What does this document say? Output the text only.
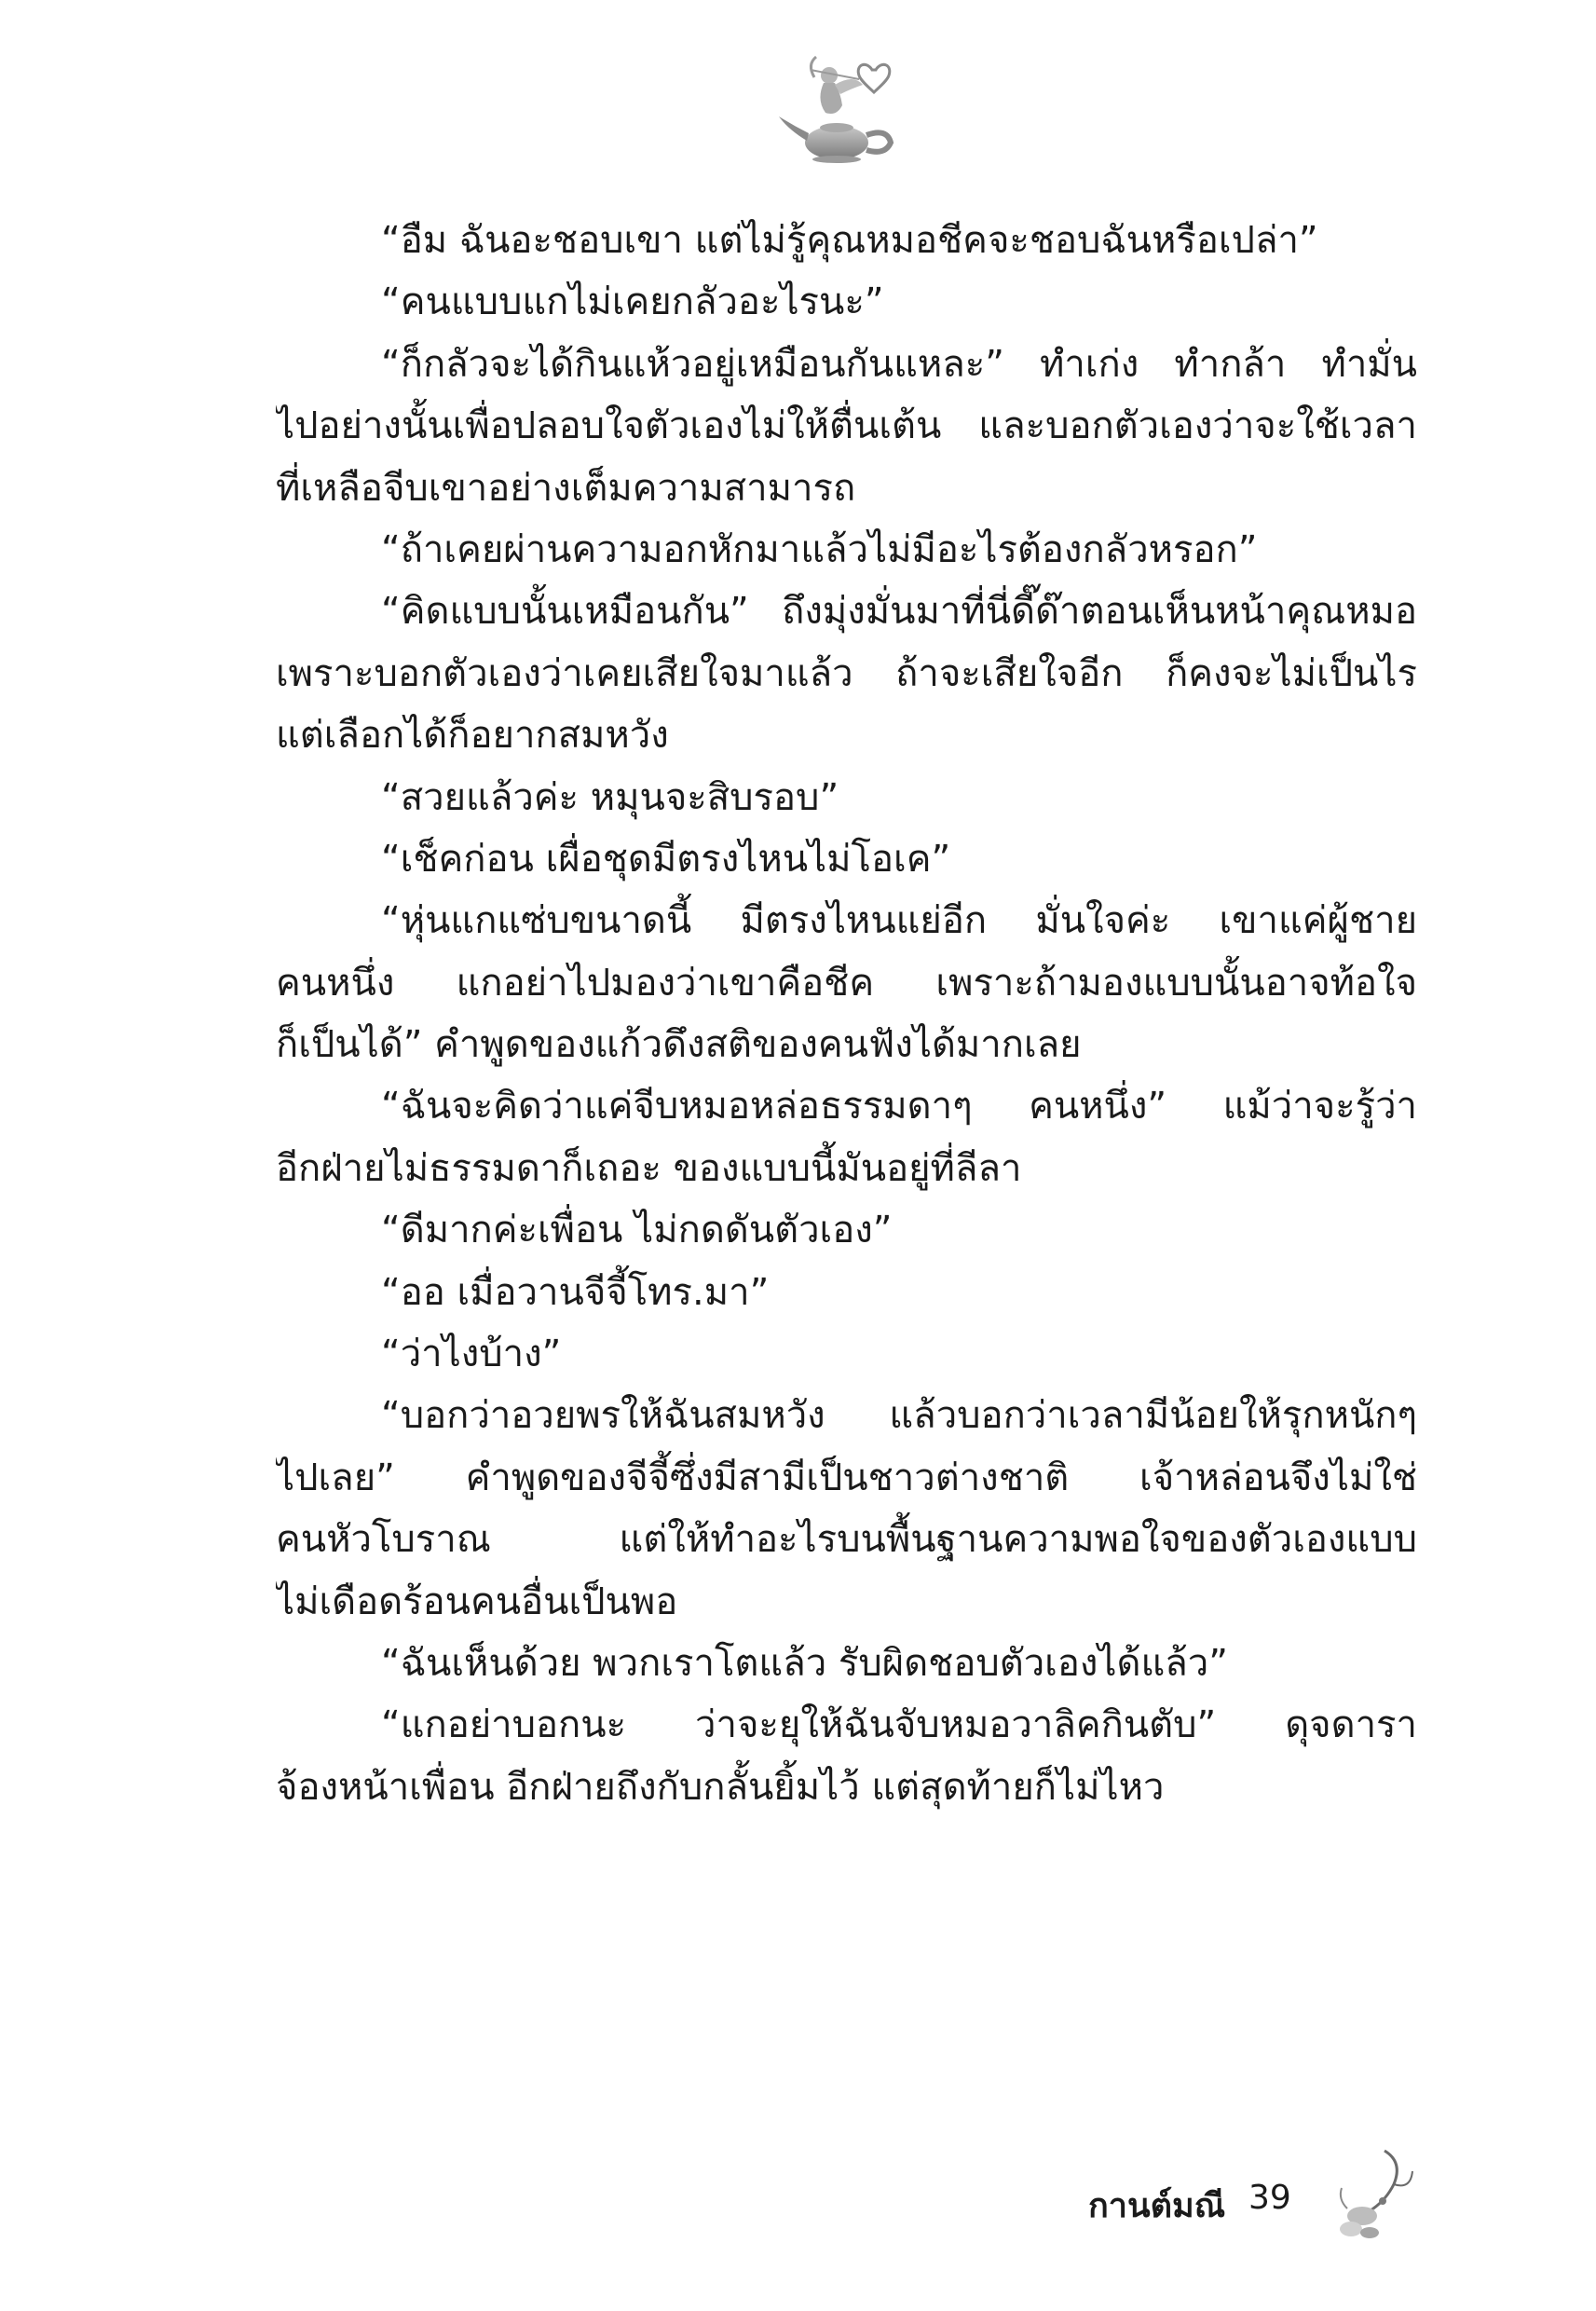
“อืม ฉันอะชอบเขา แต่ไม่รู้คุณหมอชีคจะชอบฉันหรือเปล่า”
“คนแบบแกไม่เคยกลัวอะไรนะ”
“ก็กลัวจะได้กินแห้วอยู่เหมือนกันแหละ” ทำเก่ง ทำกล้า ทำมั่น
ไปอย่างนั้นเพื่อปลอบใจตัวเองไม่ให้ตื่นเต้น และบอกตัวเองว่าจะใช้เวลา
ที่เหลือจีบเขาอย่างเต็มความสามารถ
“ถ้าเคยผ่านความอกหักมาแล้วไม่มีอะไรต้องกลัวหรอก”
“คิดแบบนั้นเหมือนกัน” ถึงมุ่งมั่นมาที่นี่ดี๊ด๊าตอนเห็นหน้าคุณหมอ
เพราะบอกตัวเองว่าเคยเสียใจมาแล้ว ถ้าจะเสียใจอีก ก็คงจะไม่เป็นไร
แต่เลือกได้ก็อยากสมหวัง
“สวยแล้วค่ะ หมุนจะสิบรอบ”
“เช็คก่อน เผื่อชุดมีตรงไหนไม่โอเค”
“หุ่นแกแซ่บขนาดนี้ มีตรงไหนแย่อีก มั่นใจค่ะ เขาแค่ผู้ชาย
คนหนึ่ง แกอย่าไปมองว่าเขาคือชีค เพราะถ้ามองแบบนั้นอาจท้อใจ
ก็เป็นได้” คำพูดของแก้วดึงสติของคนฟังได้มากเลย
“ฉันจะคิดว่าแค่จีบหมอหล่อธรรมดาๆ คนหนึ่ง” แม้ว่าจะรู้ว่า
อีกฝ่ายไม่ธรรมดาก็เถอะ ของแบบนี้มันอยู่ที่ลีลา
“ดีมากค่ะเพื่อน ไม่กดดันตัวเอง”
“ออ เมื่อวานจีจี้โทร.มา”
“ว่าไงบ้าง”
“บอกว่าอวยพรให้ฉันสมหวัง แล้วบอกว่าเวลามีน้อยให้รุกหนักๆ
ไปเลย” คำพูดของจีจี้ซึ่งมีสามีเป็นชาวต่างชาติ เจ้าหล่อนจึงไม่ใช่
คนหัวโบราณ แต่ให้ทำอะไรบนพื้นฐานความพอใจของตัวเองแบบ
ไม่เดือดร้อนคนอื่นเป็นพอ
“ฉันเห็นด้วย พวกเราโตแล้ว รับผิดชอบตัวเองได้แล้ว”
“แกอย่าบอกนะ ว่าจะยุให้ฉันจับหมอวาลิคกินตับ” ดุจดารา
จ้องหน้าเพื่อน อีกฝ่ายถึงกับกลั้นยิ้มไว้ แต่สุดท้ายก็ไม่ไหว
กานต์มณี 39
